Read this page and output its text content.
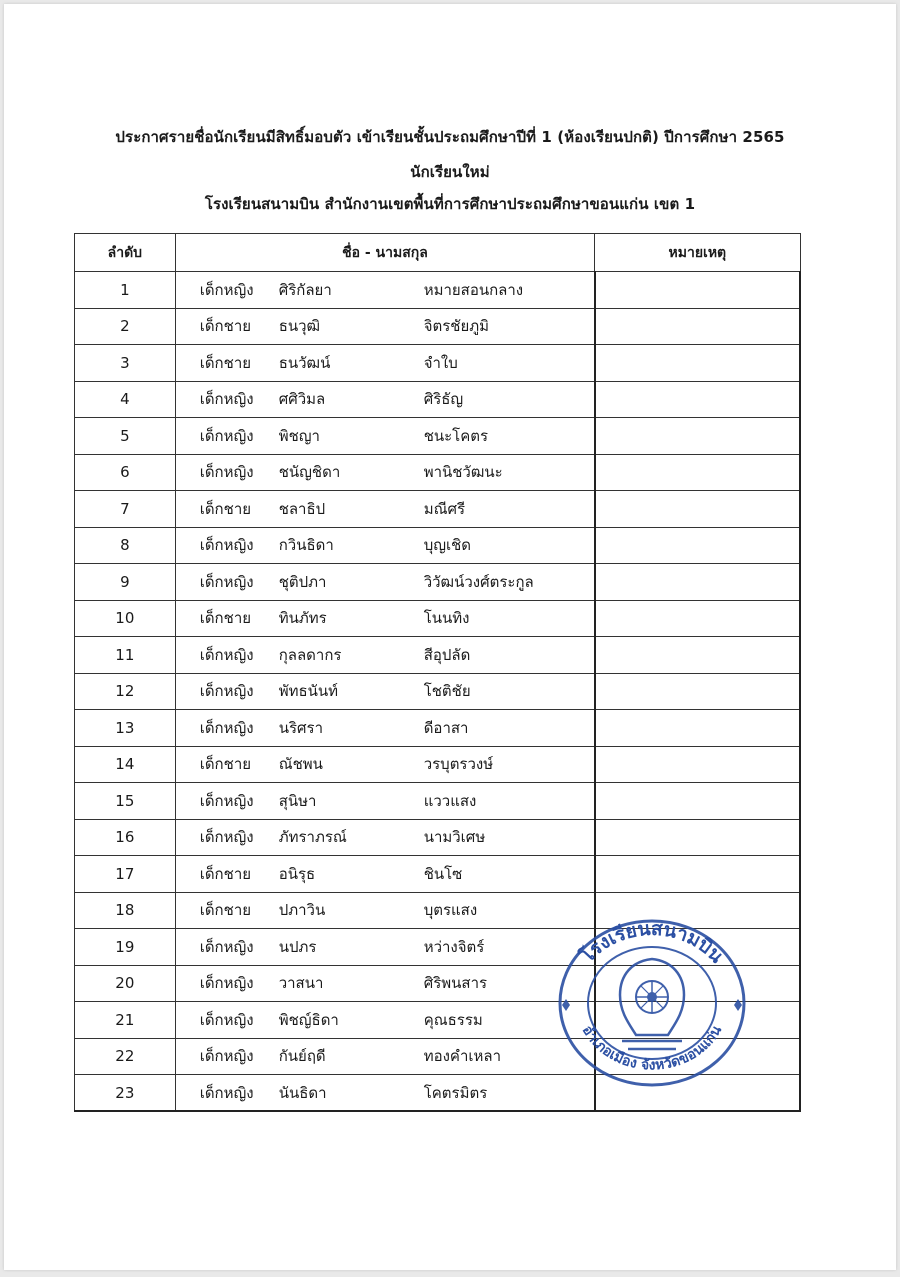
ประกาศรายชื่อนักเรียนมีสิทธิ์มอบตัว เข้าเรียนชั้นประถมศึกษาปีที่ 1 (ห้องเรียนปกติ) ปีการศึกษา 2565
นักเรียนใหม่
โรงเรียนสนามบิน สำนักงานเขตพื้นที่การศึกษาประถมศึกษาขอนแก่น เขต 1
ลำดับ	ชื่อ - นามสกุล	หมายเหตุ
1	เด็กหญิง ศิริกัลยา หมายสอนกลาง	

2	เด็กชาย ธนวุฒิ จิตรชัยภูมิ	

3	เด็กชาย ธนวัฒน์ จำใบ	

4	เด็กหญิง ศศิวิมล ศิริธัญ	

5	เด็กหญิง พิชญา ชนะโคตร	

6	เด็กหญิง ชนัญชิดา พานิชวัฒนะ	

7	เด็กชาย ชลาธิป มณีศรี	

8	เด็กหญิง กวินธิดา บุญเชิด	

9	เด็กหญิง ชุติปภา วิวัฒน์วงศ์ตระกูล	

10	เด็กชาย ทินภัทร โนนทิง	

11	เด็กหญิง กุลลดากร สีอุปลัด	

12	เด็กหญิง พัทธนันท์ โชติชัย	

13	เด็กหญิง นริศรา ดีอาสา	

14	เด็กชาย ณัชพน วรบุตรวงษ์	

15	เด็กหญิง สุนิษา แววแสง	

16	เด็กหญิง ภัทราภรณ์ นามวิเศษ	

17	เด็กชาย อนิรุธ ชินโซ	

18	เด็กชาย ปภาวิน บุตรแสง	

19	เด็กหญิง นปภร หว่างจิตร์	

20	เด็กหญิง วาสนา ศิริพนสาร	

21	เด็กหญิง พิชญ์ธิดา คุณธรรม	

22	เด็กหญิง กันย์ฤดี ทองคำเหลา	

23	เด็กหญิง นันธิดา โคตรมิตร	

โรงเรียนสนามบิน
อำเภอเมือง จังหวัดขอนแก่น
